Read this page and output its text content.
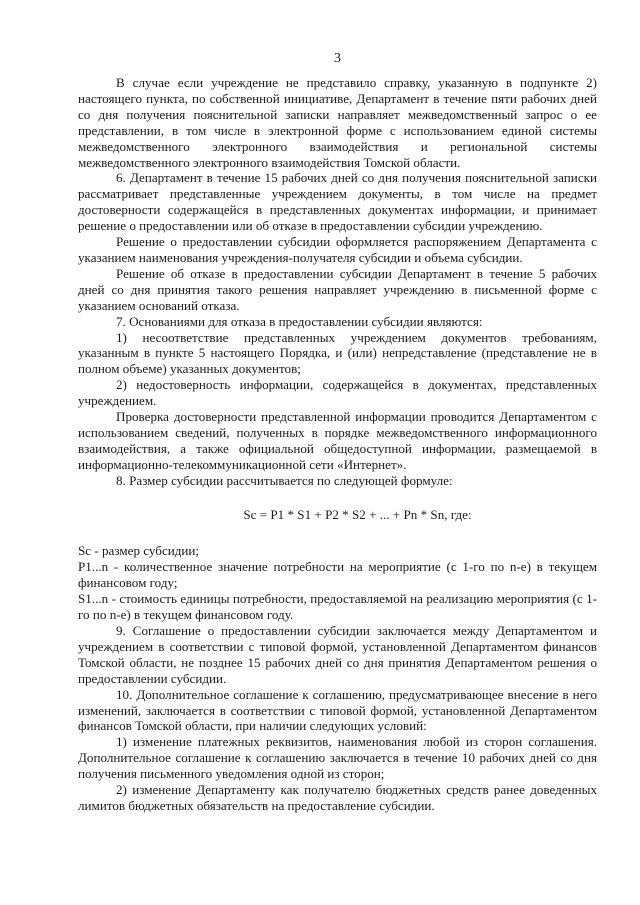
3

В случае если учреждение не представило справку, указанную в подпункте 2) настоящего пункта, по собственной инициативе, Департамент в течение пяти рабочих дней со дня получения пояснительной записки направляет межведомственный запрос о ее представлении, в том числе в электронной форме с использованием единой системы межведомственного электронного взаимодействия и региональной системы межведомственного электронного взаимодействия Томской области.

6. Департамент в течение 15 рабочих дней со дня получения пояснительной записки рассматривает представленные учреждением документы, в том числе на предмет достоверности содержащейся в представленных документах информации, и принимает решение о предоставлении или об отказе в предоставлении субсидии учреждению.

Решение о предоставлении субсидии оформляется распоряжением Департамента с указанием наименования учреждения-получателя субсидии и объема субсидии.

Решение об отказе в предоставлении субсидии Департамент в течение 5 рабочих дней со дня принятия такого решения направляет учреждению в письменной форме с указанием оснований отказа.

7. Основаниями для отказа в предоставлении субсидии являются:

1) несоответствие представленных учреждением документов требованиям, указанным в пункте 5 настоящего Порядка, и (или) непредставление (представление не в полном объеме) указанных документов;

2) недостоверность информации, содержащейся в документах, представленных учреждением.

Проверка достоверности представленной информации проводится Департаментом с использованием сведений, полученных в порядке межведомственного информационного взаимодействия, а также официальной общедоступной информации, размещаемой в информационно-телекоммуникационной сети «Интернет».

8. Размер субсидии рассчитывается по следующей формуле:

Sc = P1 * S1 + P2 * S2 + ... + Pn * Sn, где:

Sc - размер субсидии;

P1...n - количественное значение потребности на мероприятие (с 1-го по n-е) в текущем финансовом году;

S1...n - стоимость единицы потребности, предоставляемой на реализацию мероприятия (с 1-го по n-е) в текущем финансовом году.

9. Соглашение о предоставлении субсидии заключается между Департаментом и учреждением в соответствии с типовой формой, установленной Департаментом финансов Томской области, не позднее 15 рабочих дней со дня принятия Департаментом решения о предоставлении субсидии.

10. Дополнительное соглашение к соглашению, предусматривающее внесение в него изменений, заключается в соответствии с типовой формой, установленной Департаментом финансов Томской области, при наличии следующих условий:

1) изменение платежных реквизитов, наименования любой из сторон соглашения. Дополнительное соглашение к соглашению заключается в течение 10 рабочих дней со дня получения письменного уведомления одной из сторон;

2) изменение Департаменту как получателю бюджетных средств ранее доведенных лимитов бюджетных обязательств на предоставление субсидии.
